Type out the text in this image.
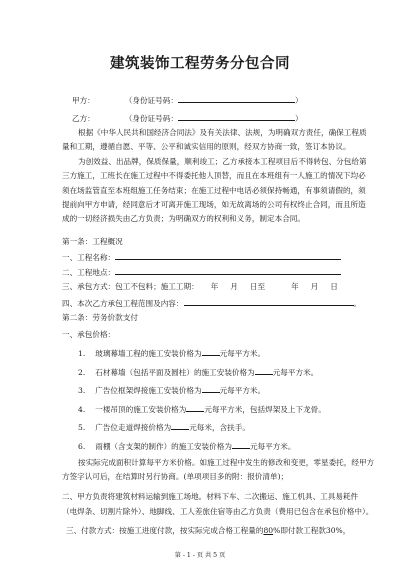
建筑装饰工程劳务分包合同
甲方：	（身份证号码：	）
乙方：	（身份证号码：	）
根据《中华人民共和国经济合同法》及有关法律、法规，为明确双方责任，确保工程质
量和工期，遵循自愿、平等、公平和诚实信用的原则，经双方协商一致，签订本协议。
为创效益、出品牌，保质保量，顺利竣工；乙方承接本工程项目后不得转包、分包给第
三方施工，工班长在施工过程中不得委托他人顶替，而且在本班组有一人施工的情况下均必
须在场监管直至本班组施工任务结束；在施工过程中电话必须保持畅通，有事须请假的，须
提前向甲方申请，经同意后才可离开施工现场，如无故离场的公司有权终止合同，而且所造
成的一切经济损失由乙方负责；为明确双方的权利和义务，制定本合同。
第一条：工程概况
一、工程名称：
二、工程地点：
三、承包方式：包工不包料；施工工期： 年 月 日至	年 月 日
四、本次乙方承包工程范围及内容：	。
第二条：劳务价款支付
一、承包价格：
1. 玻璃幕墙工程的施工安装价格为 元每平方米。
2. 石材幕墙（包括平面及圆柱）的施工安装价格为 元每平方米。
3. 广告位框架焊接施工安装价格为 元每平方米。
4. 一楼吊顶的施工安装价格为 元每平方米，包括焊架及上下龙骨。
5. 广告位走道焊接价格为 元每米，含扶手。
6. 雨棚（含支架的制作）的施工安装价格为 元每平方米。
按实际完成面积计算每平方米价格。如施工过程中发生的修改和变更，零星委托，经甲方
方签字认可后，在结算时另行协商。(单项项目多的附：报价清单)；
二、甲方负责将建筑材料运输到施工场地。材料下车、二次搬运、施工机具、工具易耗件
（电焊条、切割片除外）、地脚线、工人差旅住宿等由乙方负责（费用已包含在承包价格中）。
三、付款方式：按施工进度付款，按实际完成合格工程量的80%即付款工程款30%，
第 - 1 - 页 共 5 页
